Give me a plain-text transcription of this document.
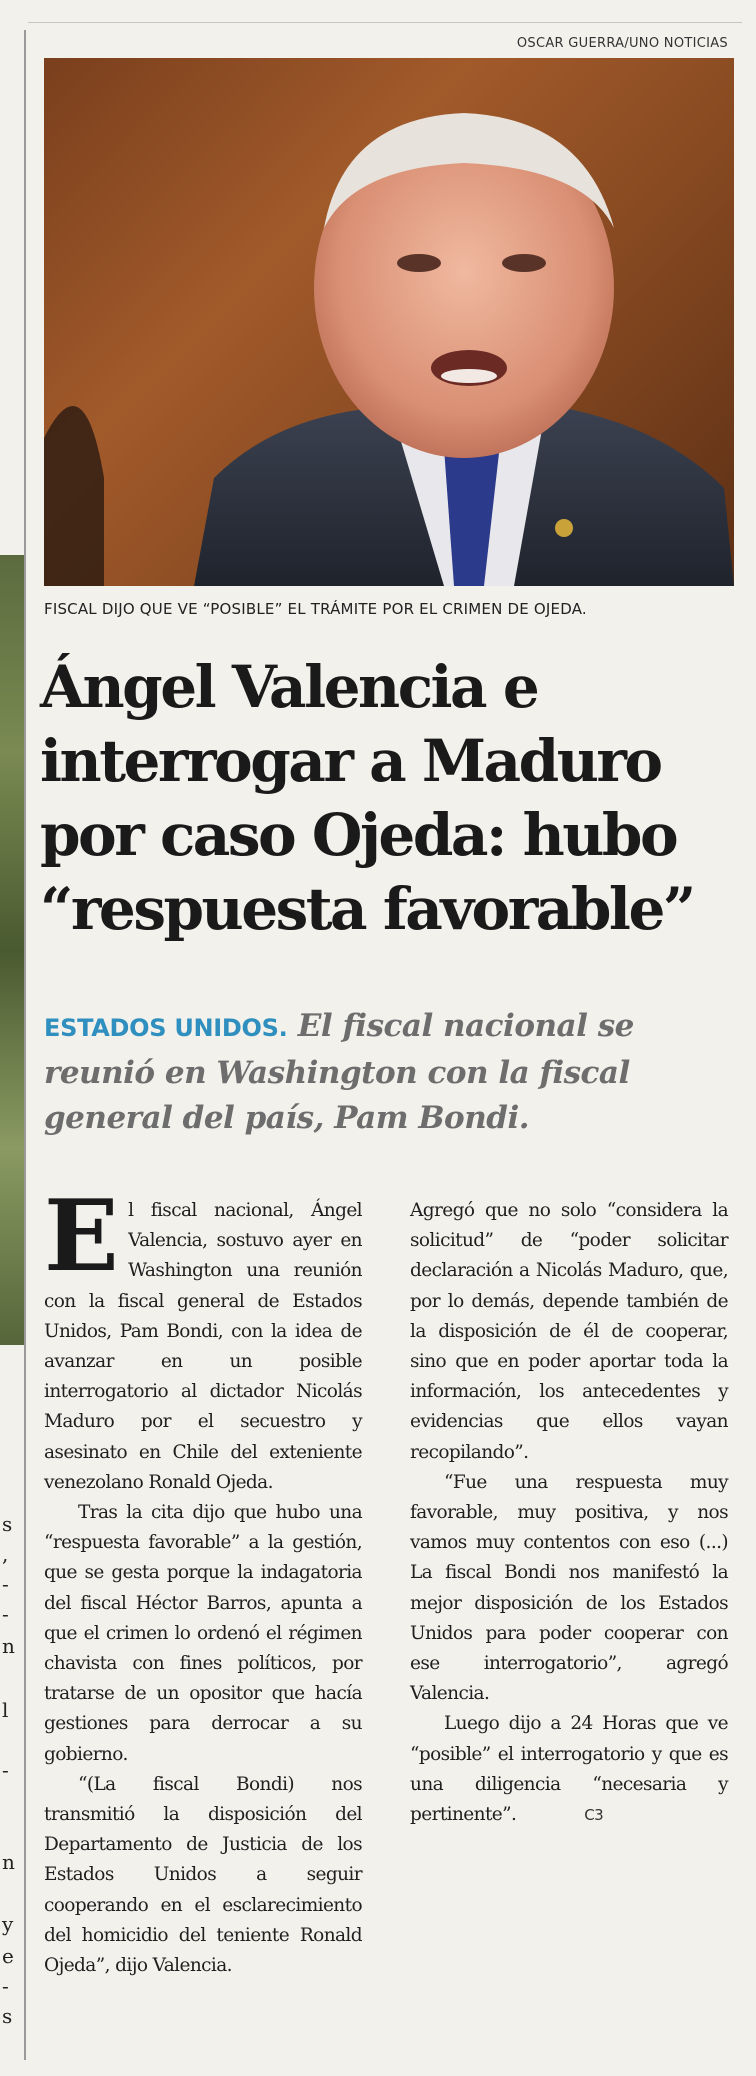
s
,
-
-
n
l
-
n
y
e
-
s
OSCAR GUERRA/UNO NOTICIAS
FISCAL DIJO QUE VE “POSIBLE” EL TRÁMITE POR EL CRIMEN DE OJEDA.
Ángel Valencia e interrogar a Maduro por caso Ojeda: hubo “respuesta favorable”

ESTADOS UNIDOS. El fiscal nacional se reunió en Washington con la fiscal general del país, Pam Bondi.

El fiscal nacional, Ángel Valencia, sostuvo ayer en Washington una reunión con la fiscal general de Estados Unidos, Pam Bondi, con la idea de avanzar en un posible interrogatorio al dictador Nicolás Maduro por el secuestro y asesinato en Chile del exteniente venezolano Ronald Ojeda.

Tras la cita dijo que hubo una “respuesta favorable” a la gestión, que se gesta porque la indagatoria del fiscal Héctor Barros, apunta a que el crimen lo ordenó el régimen chavista con fines políticos, por tratarse de un opositor que hacía gestiones para derrocar a su gobierno.

“(La fiscal Bondi) nos transmitió la disposición del Departamento de Justicia de los Estados Unidos a seguir cooperando en el esclarecimiento del homicidio del teniente Ronald Ojeda”, dijo Valencia.

Agregó que no solo “considera la solicitud” de “poder solicitar declaración a Nicolás Maduro, que, por lo demás, depende también de la disposición de él de cooperar, sino que en poder aportar toda la información, los antecedentes y evidencias que ellos vayan recopilando”.

“Fue una respuesta muy favorable, muy positiva, y nos vamos muy contentos con eso (...) La fiscal Bondi nos manifestó la mejor disposición de los Estados Unidos para poder cooperar con ese interrogatorio”, agregó Valencia.

Luego dijo a 24 Horas que ve “posible” el interrogatorio y que es una diligencia “necesaria y pertinente”.	C3
